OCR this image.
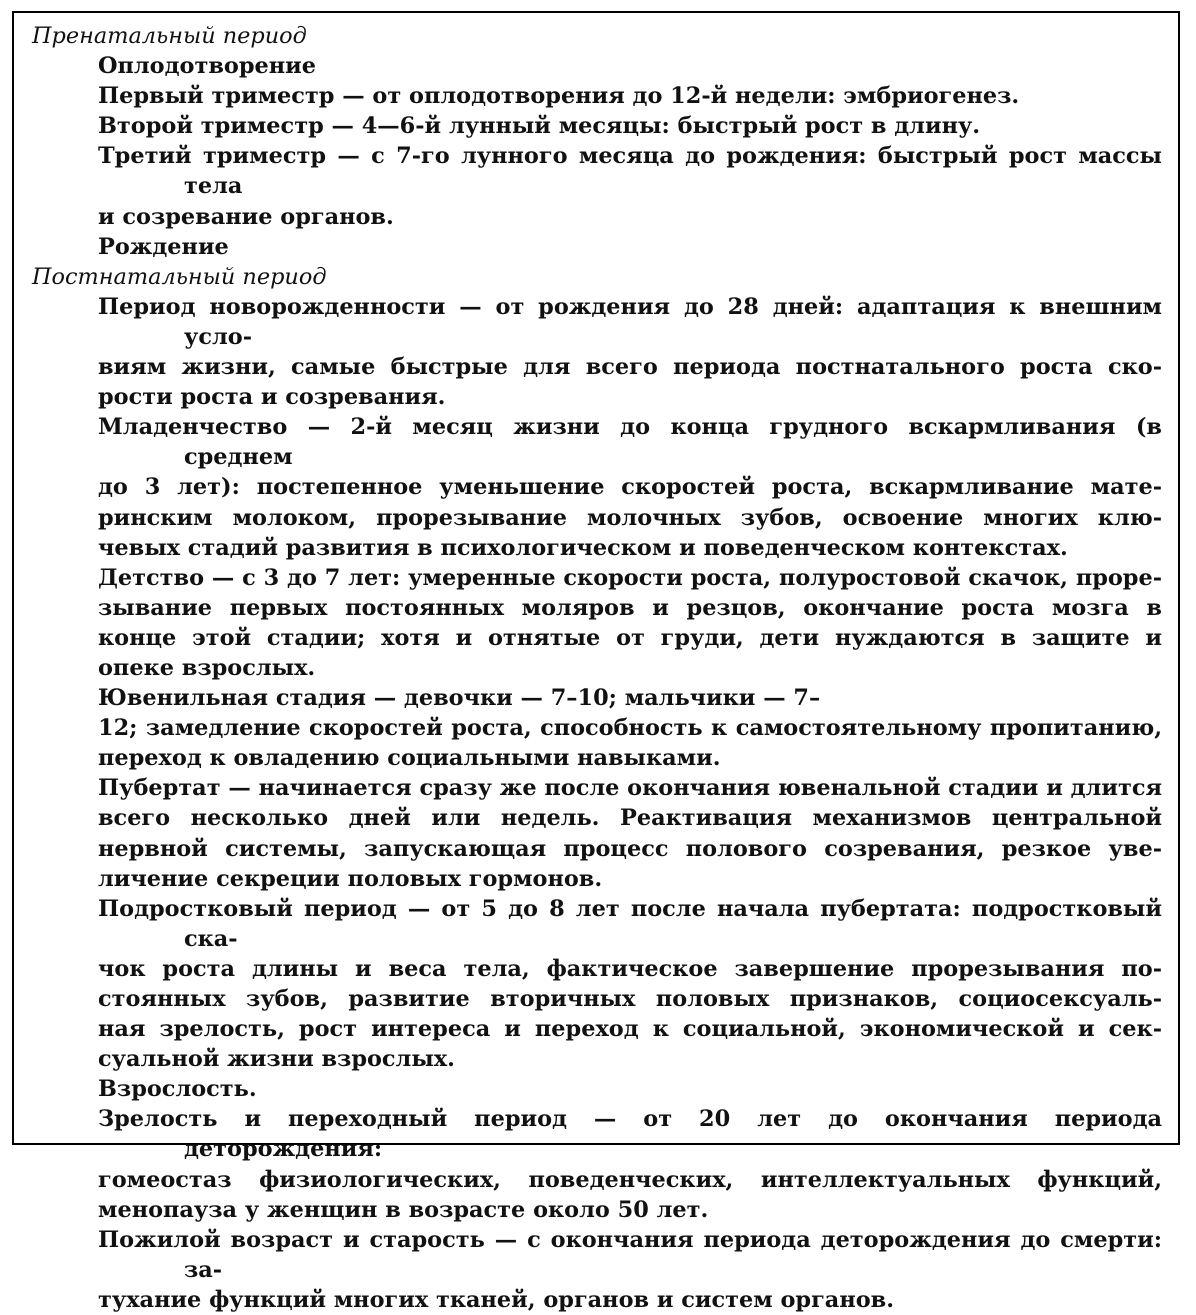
Пренатальный период
Оплодотворение
Первый триместр — от оплодотворения до 12-й недели: эмбриогенез.
Второй триместр — 4—6-й лунный месяцы: быстрый рост в длину.
Третий триместр — с 7-го лунного месяца до рождения: быстрый рост массы тела
и созревание органов.
Рождение
Постнатальный период
Период новорожденности — от рождения до 28 дней: адаптация к внешним усло-
виям жизни, самые быстрые для всего периода постнатального роста ско-
рости роста и созревания.
Младенчество — 2-й месяц жизни до конца грудного вскармливания (в среднем
до 3 лет): постепенное уменьшение скоростей роста, вскармливание мате-
ринским молоком, прорезывание молочных зубов, освоение многих клю-
чевых стадий развития в психологическом и поведенческом контекстах.
Детство — с 3 до 7 лет: умеренные скорости роста, полуростовой скачок, проре-
зывание первых постоянных моляров и резцов, окончание роста мозга в
конце этой стадии; хотя и отнятые от груди, дети нуждаются в защите и
опеке взрослых.
Ювенильная стадия — девочки — 7–10; мальчики — 7–
12; замедление скоростей роста, способность к самостоятельному пропитанию,
переход к овладению социальными навыками.
Пубертат — начинается сразу же после окончания ювенальной стадии и длится
всего несколько дней или недель. Реактивация механизмов центральной
нервной системы, запускающая процесс полового созревания, резкое уве-
личение секреции половых гормонов.
Подростковый период — от 5 до 8 лет после начала пубертата: подростковый ска-
чок роста длины и веса тела, фактическое завершение прорезывания по-
стоянных зубов, развитие вторичных половых признаков, социосексуаль-
ная зрелость, рост интереса и переход к социальной, экономической и сек-
суальной жизни взрослых.
Взрослость.
Зрелость и переходный период — от 20 лет до окончания периода деторождения:
гомеостаз физиологических, поведенческих, интеллектуальных функций,
менопауза у женщин в возрасте около 50 лет.
Пожилой возраст и старость — с окончания периода деторождения до смерти: за-
тухание функций многих тканей, органов и систем органов.
